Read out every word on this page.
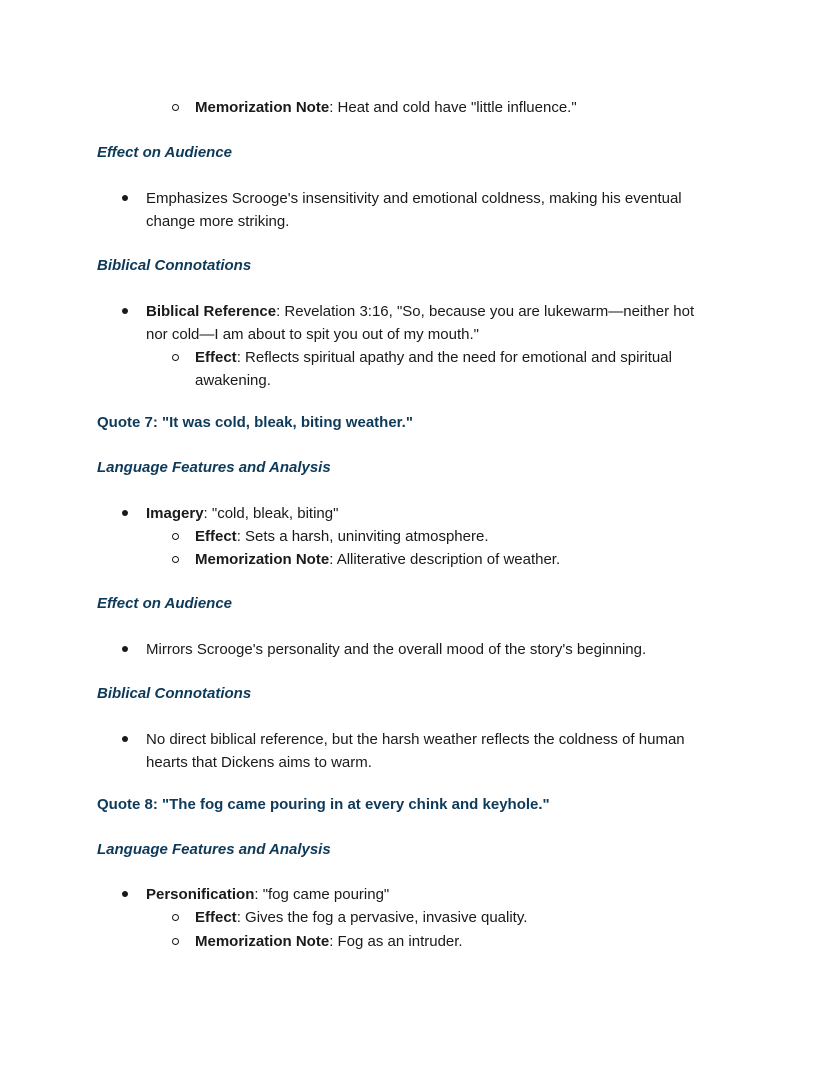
Memorization Note: Heat and cold have "little influence."
Effect on Audience
Emphasizes Scrooge's insensitivity and emotional coldness, making his eventual
change more striking.
Biblical Connotations
Biblical Reference: Revelation 3:16, "So, because you are lukewarm—neither hot
nor cold—I am about to spit you out of my mouth."
Effect: Reflects spiritual apathy and the need for emotional and spiritual
awakening.
Quote 7: "It was cold, bleak, biting weather."
Language Features and Analysis
Imagery: "cold, bleak, biting"
Effect: Sets a harsh, uninviting atmosphere.
Memorization Note: Alliterative description of weather.
Effect on Audience
Mirrors Scrooge's personality and the overall mood of the story's beginning.
Biblical Connotations
No direct biblical reference, but the harsh weather reflects the coldness of human
hearts that Dickens aims to warm.
Quote 8: "The fog came pouring in at every chink and keyhole."
Language Features and Analysis
Personification: "fog came pouring"
Effect: Gives the fog a pervasive, invasive quality.
Memorization Note: Fog as an intruder.
